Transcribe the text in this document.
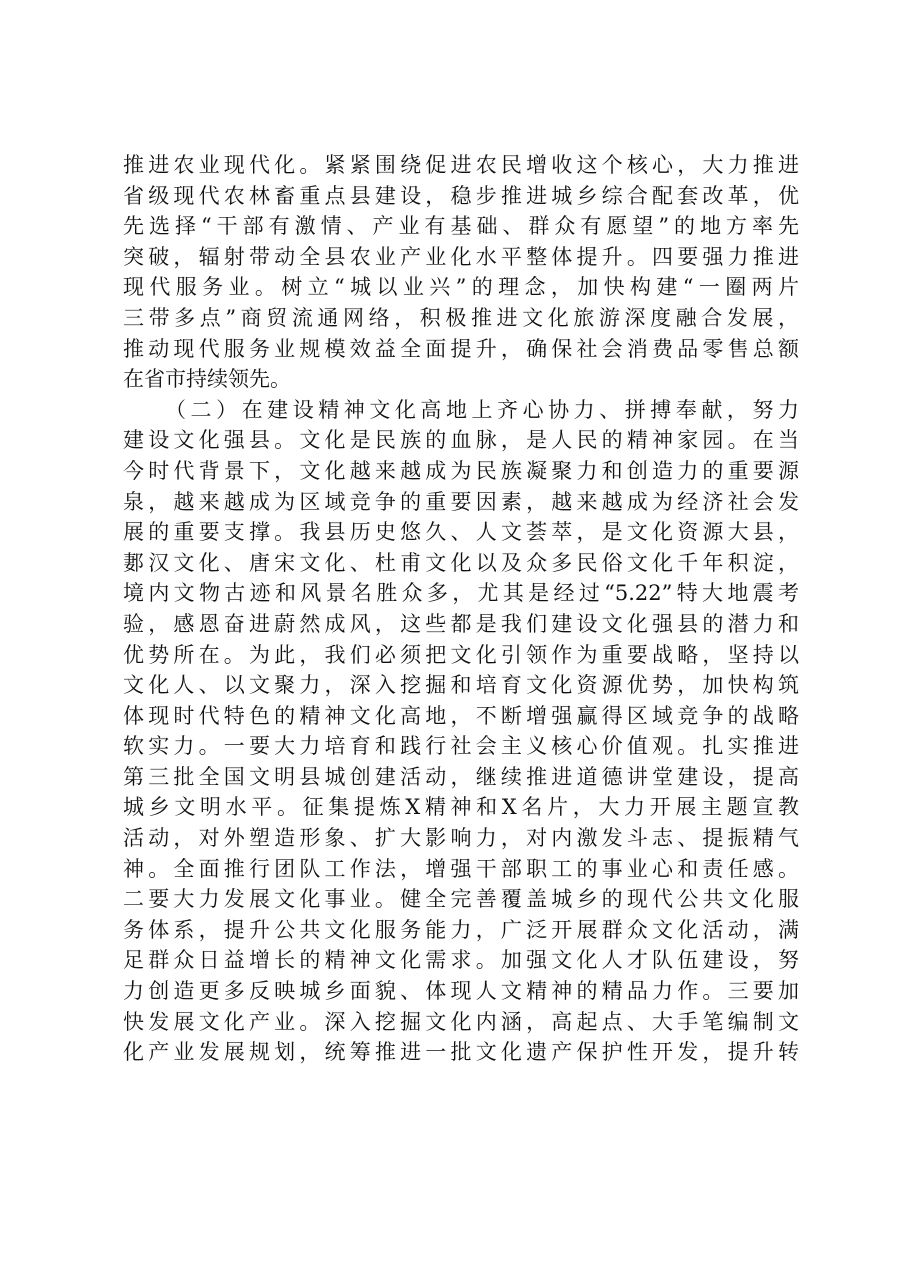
推进农业现代化。紧紧围绕促进农民增收这个核心，大力推进
省级现代农林畜重点县建设，稳步推进城乡综合配套改革，优
先选择“干部有激情、产业有基础、群众有愿望”的地方率先
突破，辐射带动全县农业产业化水平整体提升。四要强力推进
现代服务业。树立“城以业兴”的理念，加快构建“一圈两片
三带多点”商贸流通网络，积极推进文化旅游深度融合发展，
推动现代服务业规模效益全面提升，确保社会消费品零售总额
在省市持续领先。
（二）在建设精神文化高地上齐心协力、拼搏奉献，努力
建设文化强县。文化是民族的血脉，是人民的精神家园。在当
今时代背景下，文化越来越成为民族凝聚力和创造力的重要源
泉，越来越成为区域竞争的重要因素，越来越成为经济社会发
展的重要支撑。我县历史悠久、人文荟萃，是文化资源大县，
郪汉文化、唐宋文化、杜甫文化以及众多民俗文化千年积淀，
境内文物古迹和风景名胜众多，尤其是经过“5.22”特大地震考
验，感恩奋进蔚然成风，这些都是我们建设文化强县的潜力和
优势所在。为此，我们必须把文化引领作为重要战略，坚持以
文化人、以文聚力，深入挖掘和培育文化资源优势，加快构筑
体现时代特色的精神文化高地，不断增强赢得区域竞争的战略
软实力。一要大力培育和践行社会主义核心价值观。扎实推进
第三批全国文明县城创建活动，继续推进道德讲堂建设，提高
城乡文明水平。征集提炼X精神和X名片，大力开展主题宣教
活动，对外塑造形象、扩大影响力，对内激发斗志、提振精气
神。全面推行团队工作法，增强干部职工的事业心和责任感。
二要大力发展文化事业。健全完善覆盖城乡的现代公共文化服
务体系，提升公共文化服务能力，广泛开展群众文化活动，满
足群众日益增长的精神文化需求。加强文化人才队伍建设，努
力创造更多反映城乡面貌、体现人文精神的精品力作。三要加
快发展文化产业。深入挖掘文化内涵，高起点、大手笔编制文
化产业发展规划，统筹推进一批文化遗产保护性开发，提升转
